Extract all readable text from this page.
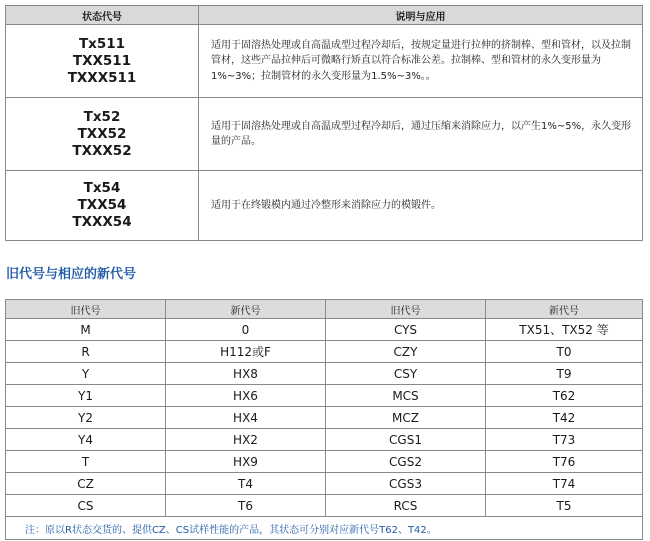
状态代号	说明与应用

Tx511
TXX511
TXXX511	适用于固溶热处理或自高温成型过程冷却后，按规定量进行拉伸的挤制棒、型和管材，以及拉制管材，这些产品拉伸后可微略行矫直以符合标准公差。拉制棒、型和管材的永久变形量为1%~3%；拉制管材的永久变形量为1.5%~3%。。

Tx52
TXX52
TXXX52	适用于固溶热处理或自高温成型过程冷却后，通过压缩来消除应力，以产生1%~5%，永久变形量的产品。

Tx54
TXX54
TXXX54	适用于在终锻模内通过冷整形来消除应力的模锻件。
旧代号与相应的新代号
旧代号	新代号	旧代号	新代号
M	0	CYS	TX51、TX52 等
R	H112或F	CZY	T0
Y	HX8	CSY	T9
Y1	HX6	MCS	T62
Y2	HX4	MCZ	T42
Y4	HX2	CGS1	T73
T	HX9	CGS2	T76
CZ	T4	CGS3	T74
CS	T6	RCS	T5
注：原以R状态交货的、提供CZ、CS试样性能的产品，其状态可分别对应新代号T62、T42。			
